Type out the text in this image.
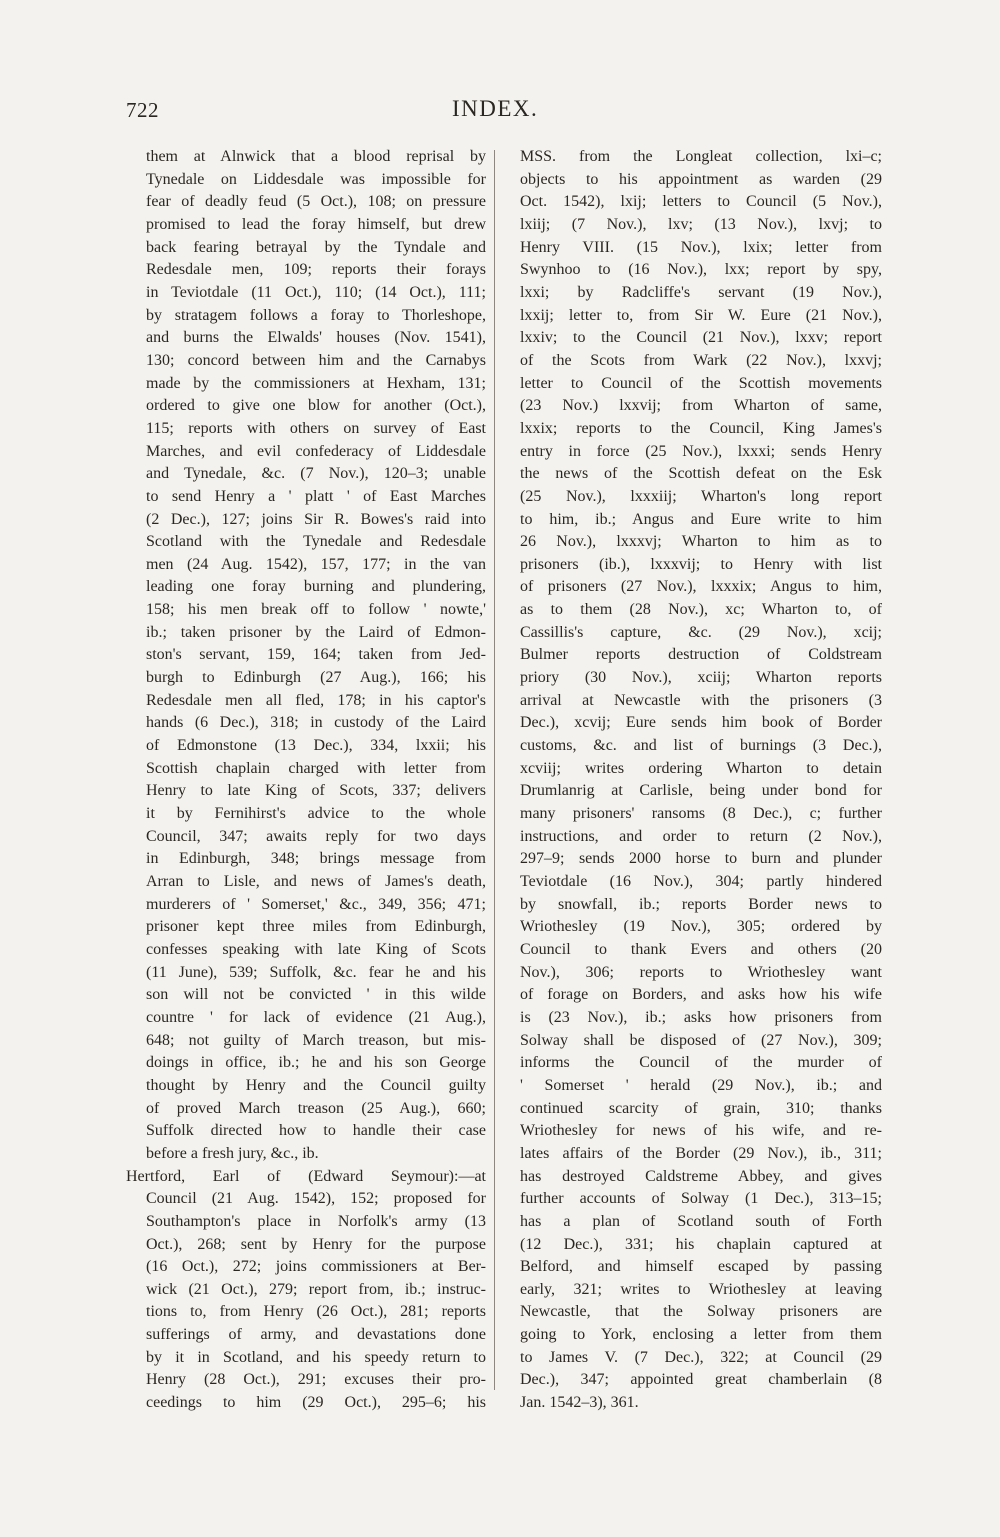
722	INDEX.
them at Alnwick that a blood reprisal by
Tynedale on Liddesdale was impossible for
fear of deadly feud (5 Oct.), 108; on pressure
promised to lead the foray himself, but drew
back fearing betrayal by the Tyndale and
Redesdale men, 109; reports their forays
in Teviotdale (11 Oct.), 110; (14 Oct.), 111;
by stratagem follows a foray to Thorleshope,
and burns the Elwalds' houses (Nov. 1541),
130; concord between him and the Carnabys
made by the commissioners at Hexham, 131;
ordered to give one blow for another (Oct.),
115; reports with others on survey of East
Marches, and evil confederacy of Liddesdale
and Tynedale, &c. (7 Nov.), 120–3; unable
to send Henry a ' platt ' of East Marches
(2 Dec.), 127; joins Sir R. Bowes's raid into
Scotland with the Tynedale and Redesdale
men (24 Aug. 1542), 157, 177; in the van
leading one foray burning and plundering,
158; his men break off to follow ' nowte,'
ib.; taken prisoner by the Laird of Edmon-
ston's servant, 159, 164; taken from Jed-
burgh to Edinburgh (27 Aug.), 166; his
Redesdale men all fled, 178; in his captor's
hands (6 Dec.), 318; in custody of the Laird
of Edmonstone (13 Dec.), 334, lxxii; his
Scottish chaplain charged with letter from
Henry to late King of Scots, 337; delivers
it by Fernihirst's advice to the whole
Council, 347; awaits reply for two days
in Edinburgh, 348; brings message from
Arran to Lisle, and news of James's death,
murderers of ' Somerset,' &c., 349, 356; 471;
prisoner kept three miles from Edinburgh,
confesses speaking with late King of Scots
(11 June), 539; Suffolk, &c. fear he and his
son will not be convicted ' in this wilde
countre ' for lack of evidence (21 Aug.),
648; not guilty of March treason, but mis-
doings in office, ib.; he and his son George
thought by Henry and the Council guilty
of proved March treason (25 Aug.), 660;
Suffolk directed how to handle their case
before a fresh jury, &c., ib.
Hertford, Earl of (Edward Seymour):—at
Council (21 Aug. 1542), 152; proposed for
Southampton's place in Norfolk's army (13
Oct.), 268; sent by Henry for the purpose
(16 Oct.), 272; joins commissioners at Ber-
wick (21 Oct.), 279; report from, ib.; instruc-
tions to, from Henry (26 Oct.), 281; reports
sufferings of army, and devastations done
by it in Scotland, and his speedy return to
Henry (28 Oct.), 291; excuses their pro-
ceedings to him (29 Oct.), 295–6; his
MSS. from the Longleat collection, lxi–c;
objects to his appointment as warden (29
Oct. 1542), lxij; letters to Council (5 Nov.),
lxiij; (7 Nov.), lxv; (13 Nov.), lxvj; to
Henry VIII. (15 Nov.), lxix; letter from
Swynhoo to (16 Nov.), lxx; report by spy,
lxxi; by Radcliffe's servant (19 Nov.),
lxxij; letter to, from Sir W. Eure (21 Nov.),
lxxiv; to the Council (21 Nov.), lxxv; report
of the Scots from Wark (22 Nov.), lxxvj;
letter to Council of the Scottish movements
(23 Nov.) lxxvij; from Wharton of same,
lxxix; reports to the Council, King James's
entry in force (25 Nov.), lxxxi; sends Henry
the news of the Scottish defeat on the Esk
(25 Nov.), lxxxiij; Wharton's long report
to him, ib.; Angus and Eure write to him
26 Nov.), lxxxvj; Wharton to him as to
prisoners (ib.), lxxxvij; to Henry with list
of prisoners (27 Nov.), lxxxix; Angus to him,
as to them (28 Nov.), xc; Wharton to, of
Cassillis's capture, &c. (29 Nov.), xcij;
Bulmer reports destruction of Coldstream
priory (30 Nov.), xciij; Wharton reports
arrival at Newcastle with the prisoners (3
Dec.), xcvij; Eure sends him book of Border
customs, &c. and list of burnings (3 Dec.),
xcviij; writes ordering Wharton to detain
Drumlanrig at Carlisle, being under bond for
many prisoners' ransoms (8 Dec.), c; further
instructions, and order to return (2 Nov.),
297–9; sends 2000 horse to burn and plunder
Teviotdale (16 Nov.), 304; partly hindered
by snowfall, ib.; reports Border news to
Wriothesley (19 Nov.), 305; ordered by
Council to thank Evers and others (20
Nov.), 306; reports to Wriothesley want
of forage on Borders, and asks how his wife
is (23 Nov.), ib.; asks how prisoners from
Solway shall be disposed of (27 Nov.), 309;
informs the Council of the murder of
' Somerset ' herald (29 Nov.), ib.; and
continued scarcity of grain, 310; thanks
Wriothesley for news of his wife, and re-
lates affairs of the Border (29 Nov.), ib., 311;
has destroyed Caldstreme Abbey, and gives
further accounts of Solway (1 Dec.), 313–15;
has a plan of Scotland south of Forth
(12 Dec.), 331; his chaplain captured at
Belford, and himself escaped by passing
early, 321; writes to Wriothesley at leaving
Newcastle, that the Solway prisoners are
going to York, enclosing a letter from them
to James V. (7 Dec.), 322; at Council (29
Dec.), 347; appointed great chamberlain (8
Jan. 1542–3), 361.
